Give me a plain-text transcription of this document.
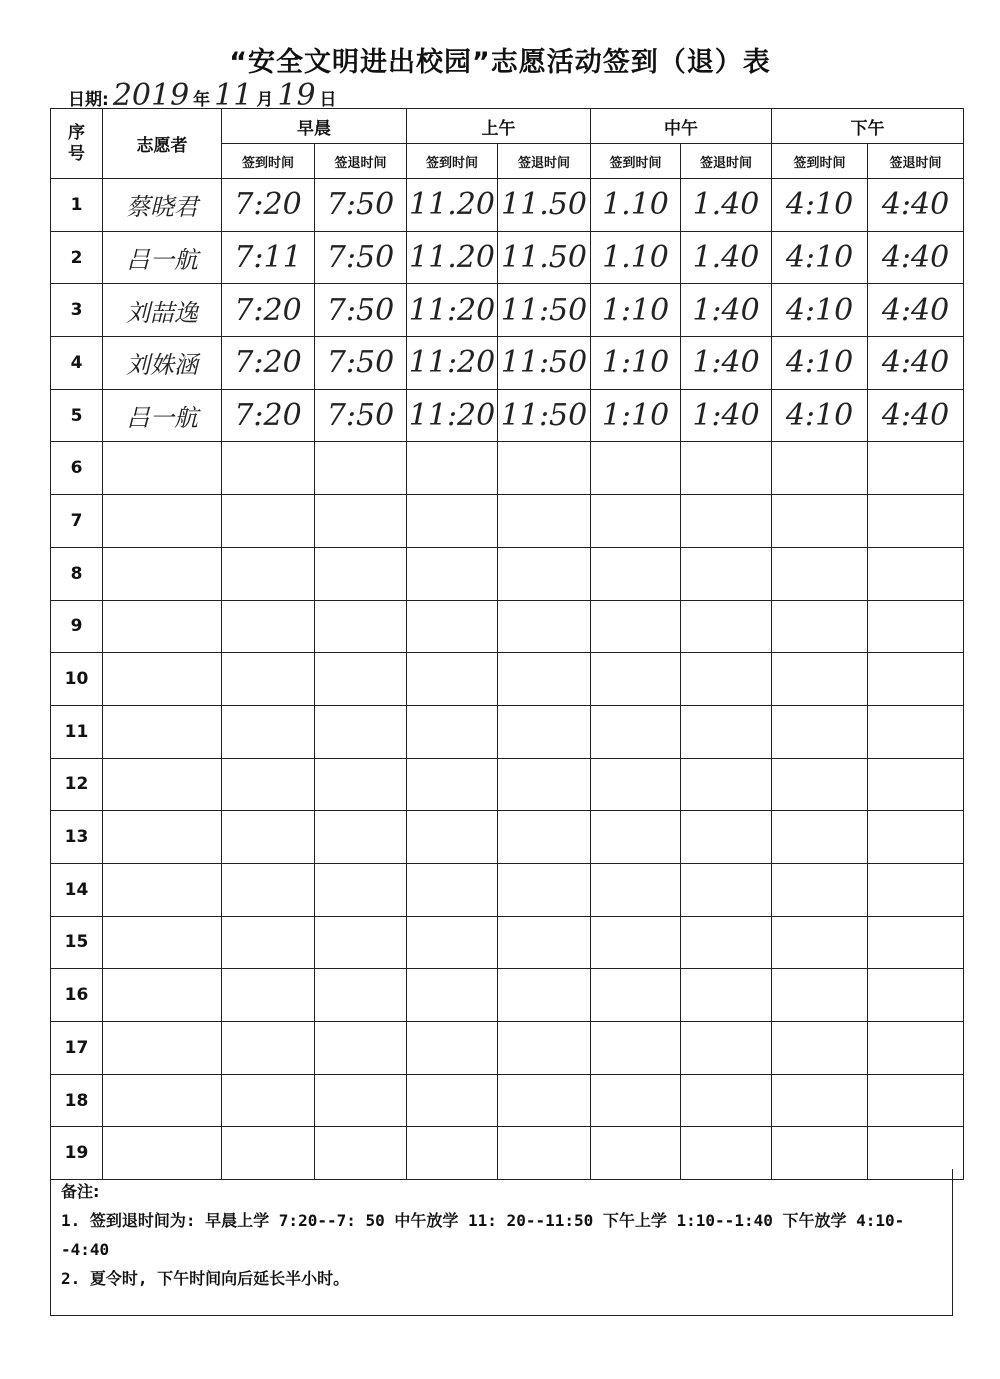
“安全文明进出校园”志愿活动签到（退）表
日期: 2019 年 11 月 19 日
序号	志愿者	早晨		上午		中午		下午	
		签到时间	签退时间	签到时间	签退时间	签到时间	签退时间	签到时间	签退时间
1	蔡晓君	7:20	7:50	11.20	11.50	1.10	1.40	4:10	4:40
2	吕一航	7:11	7:50	11.20	11.50	1.10	1.40	4:10	4:40
3	刘喆逸	7:20	7:50	11:20	11:50	1:10	1:40	4:10	4:40
4	刘姝涵	7:20	7:50	11:20	11:50	1:10	1:40	4:10	4:40
5	吕一航	7:20	7:50	11:20	11:50	1:10	1:40	4:10	4:40
6									
7									
8									
9									
10									
11									
12									
13									
14									
15									
16									
17									
18									
19									
备注:
1. 签到退时间为: 早晨上学 7:20--7: 50 中午放学 11: 20--11:50 下午上学 1:10--1:40 下午放学 4:10--4:40
2. 夏令时, 下午时间向后延长半小时。
